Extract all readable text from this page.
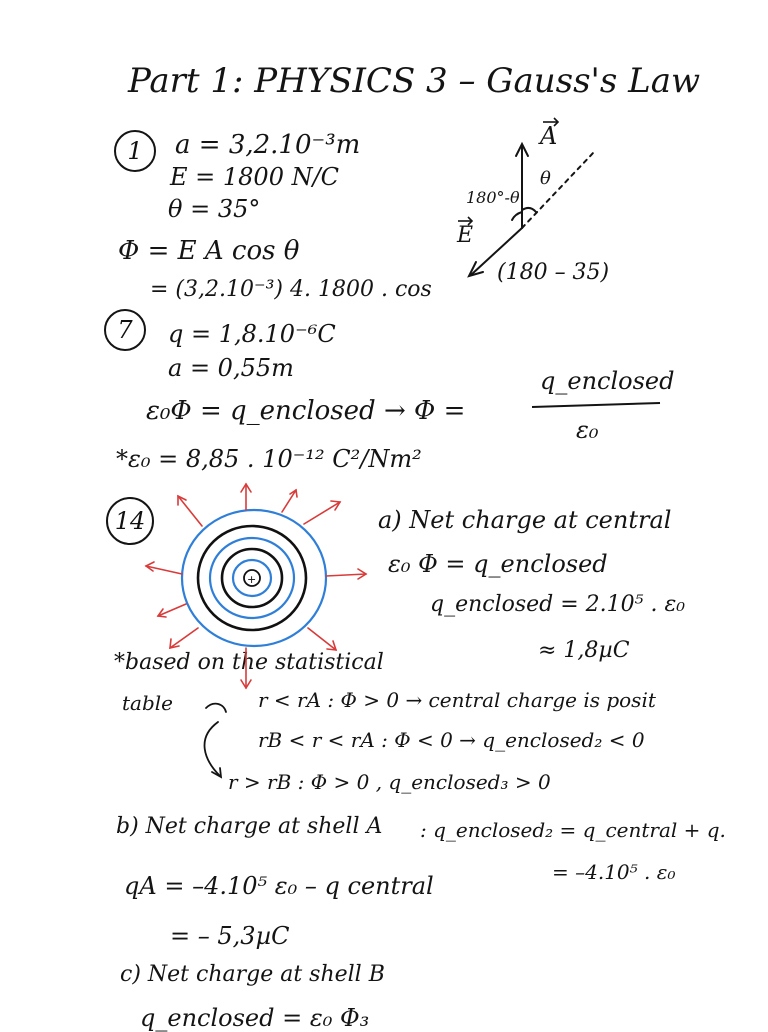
Part 1: PHYSICS 3 – Gauss's Law
1	a = 3,2.10⁻³m
E = 1800 N/C
θ = 35°
Φ = E A cos θ
= (3,2.10⁻³) 4. 1800 . cos
A
E
θ
180°-θ
(180 – 35)
7	q = 1,8.10⁻⁶C
a = 0,55m
ε₀Φ = q_enclosed → Φ =
q_enclosed
ε₀
*ε₀ = 8,85 . 10⁻¹² C²/Nm²
14	a) Net charge at central
ε₀ Φ = q_enclosed
q_enclosed = 2.10⁵ . ε₀
≈ 1,8µC
*based on the statistical
table	r < rA : Φ > 0 → central charge is posit
rB < r < rA : Φ < 0 → q_enclosed₂ < 0
r > rB : Φ > 0 , q_enclosed₃ > 0
b) Net charge at shell A : q_enclosed₂ = q_central + q.
= –4.10⁵ . ε₀
qA = –4.10⁵ ε₀ – q central
= – 5,3µC
c) Net charge at shell B
q_enclosed = ε₀ Φ₃
+
